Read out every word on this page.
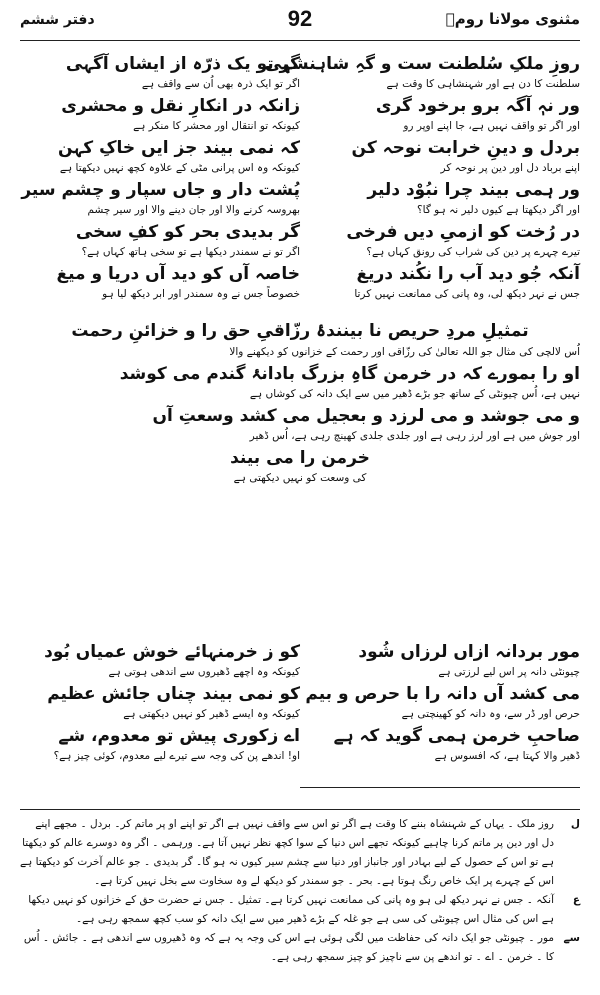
مثنوی مولانا رومؒ
92
دفتر ششم
روزِ ملکِ سُلطنت ست و گہِ شاہنشہی
سلطنت کا دن ہے اور شہنشاہی کا وقت ہے
ور نہٖ آگہ برو برخود گری
اور اگر تو واقف نہیں ہے، جا اپنے اوپر رو
بردل و دینِ خرابت نوحہ کن
اپنے برباد دل اور دین پر نوحہ کر
ور ہمی بیند چرا نبُوْد دلیر
اور اگر دیکھتا ہے کیوں دلیر نہ ہو گا؟
در رُخت کو ازمیِ دیں فرخی
تیرے چہرے پر دین کی شراب کی رونق کہاں ہے؟
آنکہ جُو دید آب را نکُند دریغ
جس نے نہر دیکھ لی، وہ پانی کی ممانعت نہیں کرتا
گر تو یک ذرّہ از ایشاں آگہی
اگر تو ایک ذرہ بھی اُن سے واقف ہے
زانکہ در انکارِ نقل و محشری
کیونکہ تو انتقال اور محشر کا منکر ہے
کہ نمی بیند جز ایں خاکِ کہن
کیونکہ وہ اس پرانی مٹی کے علاوہ کچھ نہیں دیکھتا ہے
پُشت دار و جاں سپار و چشم سیر
بھروسہ کرنے والا اور جان دینے والا اور سیر چشم
گر بدیدی بحر کو کفِ سخی
اگر تو نے سمندر دیکھا ہے تو سخی ہاتھ کہاں ہے؟
خاصہ آں کو دید آں دریا و میغ
خصوصاً جس نے وہ سمندر اور ابر دیکھ لیا ہو
تمثیلِ مردِ حریص نا بینندۂ رزّاقیِ حق را و خزائنِ رحمت
اُس لالچی کی مثال جو اللہ تعالیٰ کی رزّاقی اور رحمت کے خزانوں کو دیکھنے والا
او را بمورے کہ در خرمن گاہِ بزرگ بادانۂ گندم می کوشد
نہیں ہے، اُس چیونٹی کے ساتھ جو بڑے ڈھیر میں سے ایک دانہ کی کوشاں ہے
و می جوشد و می لرزد و بعجیل می کشد وسعتِ آں
اور جوش میں ہے اور لرز رہی ہے اور جلدی جلدی کھینچ رہی ہے، اُس ڈھیر
خرمن را می بیند
کی وسعت کو نہیں دیکھتی ہے
مور بردانہ ازاں لرزاں شُود
چیونٹی دانہ پر اس لیے لرزتی ہے
می کشد آں دانہ را با حرص و بیم
حرص اور ڈر سے، وہ دانہ کو کھینچتی ہے
صاحبِ خرمن ہمی گوید کہ ہے
ڈھیر والا کہتا ہے، کہ افسوس ہے
کو ز خرمنہائے خوش عمیاں بُود
کیونکہ وہ اچھے ڈھیروں سے اندھی ہوتی ہے
کو نمی بیند چناں جائش عظیم
کیونکہ وہ ایسے ڈھیر کو نہیں دیکھتی ہے
اے زکوری پیش تو معدوم، شے
او! اندھے پن کی وجہ سے تیرے لیے معدوم، کوئی چیز ہے؟
ل
روز ملک ۔ یہاں کے شہنشاہ بننے کا وقت ہے اگر تو اس سے واقف نہیں ہے اگر تو اپنے او پر ماتم کر۔ بردل ۔ مجھے اپنے دل اور دین پر ماتم کرنا چاہیے کیونکہ تجھے اس دنیا کے سوا کچھ نظر نہیں آتا ہے۔ ورہمی ۔ اگر وہ دوسرے عالم کو دیکھتا ہے تو اس کے حصول کے لیے بہادر اور جانباز اور دنیا سے چشم سیر کیوں نہ ہو گا۔ گر بدیدی ۔ جو عالم آخرت کو دیکھتا ہے اس کے چہرے پر ایک خاص رنگ ہوتا ہے۔ بحر ۔ جو سمندر کو دیکھ لے وہ سخاوت سے بخل نہیں کرتا ہے۔
ع
آنکہ ۔ جس نے نہر دیکھ لی ہو وہ پانی کی ممانعت نہیں کرتا ہے۔ تمثیل ۔ جس نے حضرت حق کے خزانوں کو نہیں دیکھا ہے اس کی مثال اس چیونٹی کی سی ہے جو غلہ کے بڑے ڈھیر میں سے ایک دانہ کو سب کچھ سمجھ رہی ہے۔
سے
مور ۔ چیونٹی جو ایک دانہ کی حفاظت میں لگی ہوئی ہے اس کی وجہ یہ ہے کہ وہ ڈھیروں سے اندھی ہے ۔ جائش ۔ اُس کا ۔ خرمن ۔ اے ۔ تو اندھے پن سے ناچیز کو چیز سمجھ رہی ہے۔
